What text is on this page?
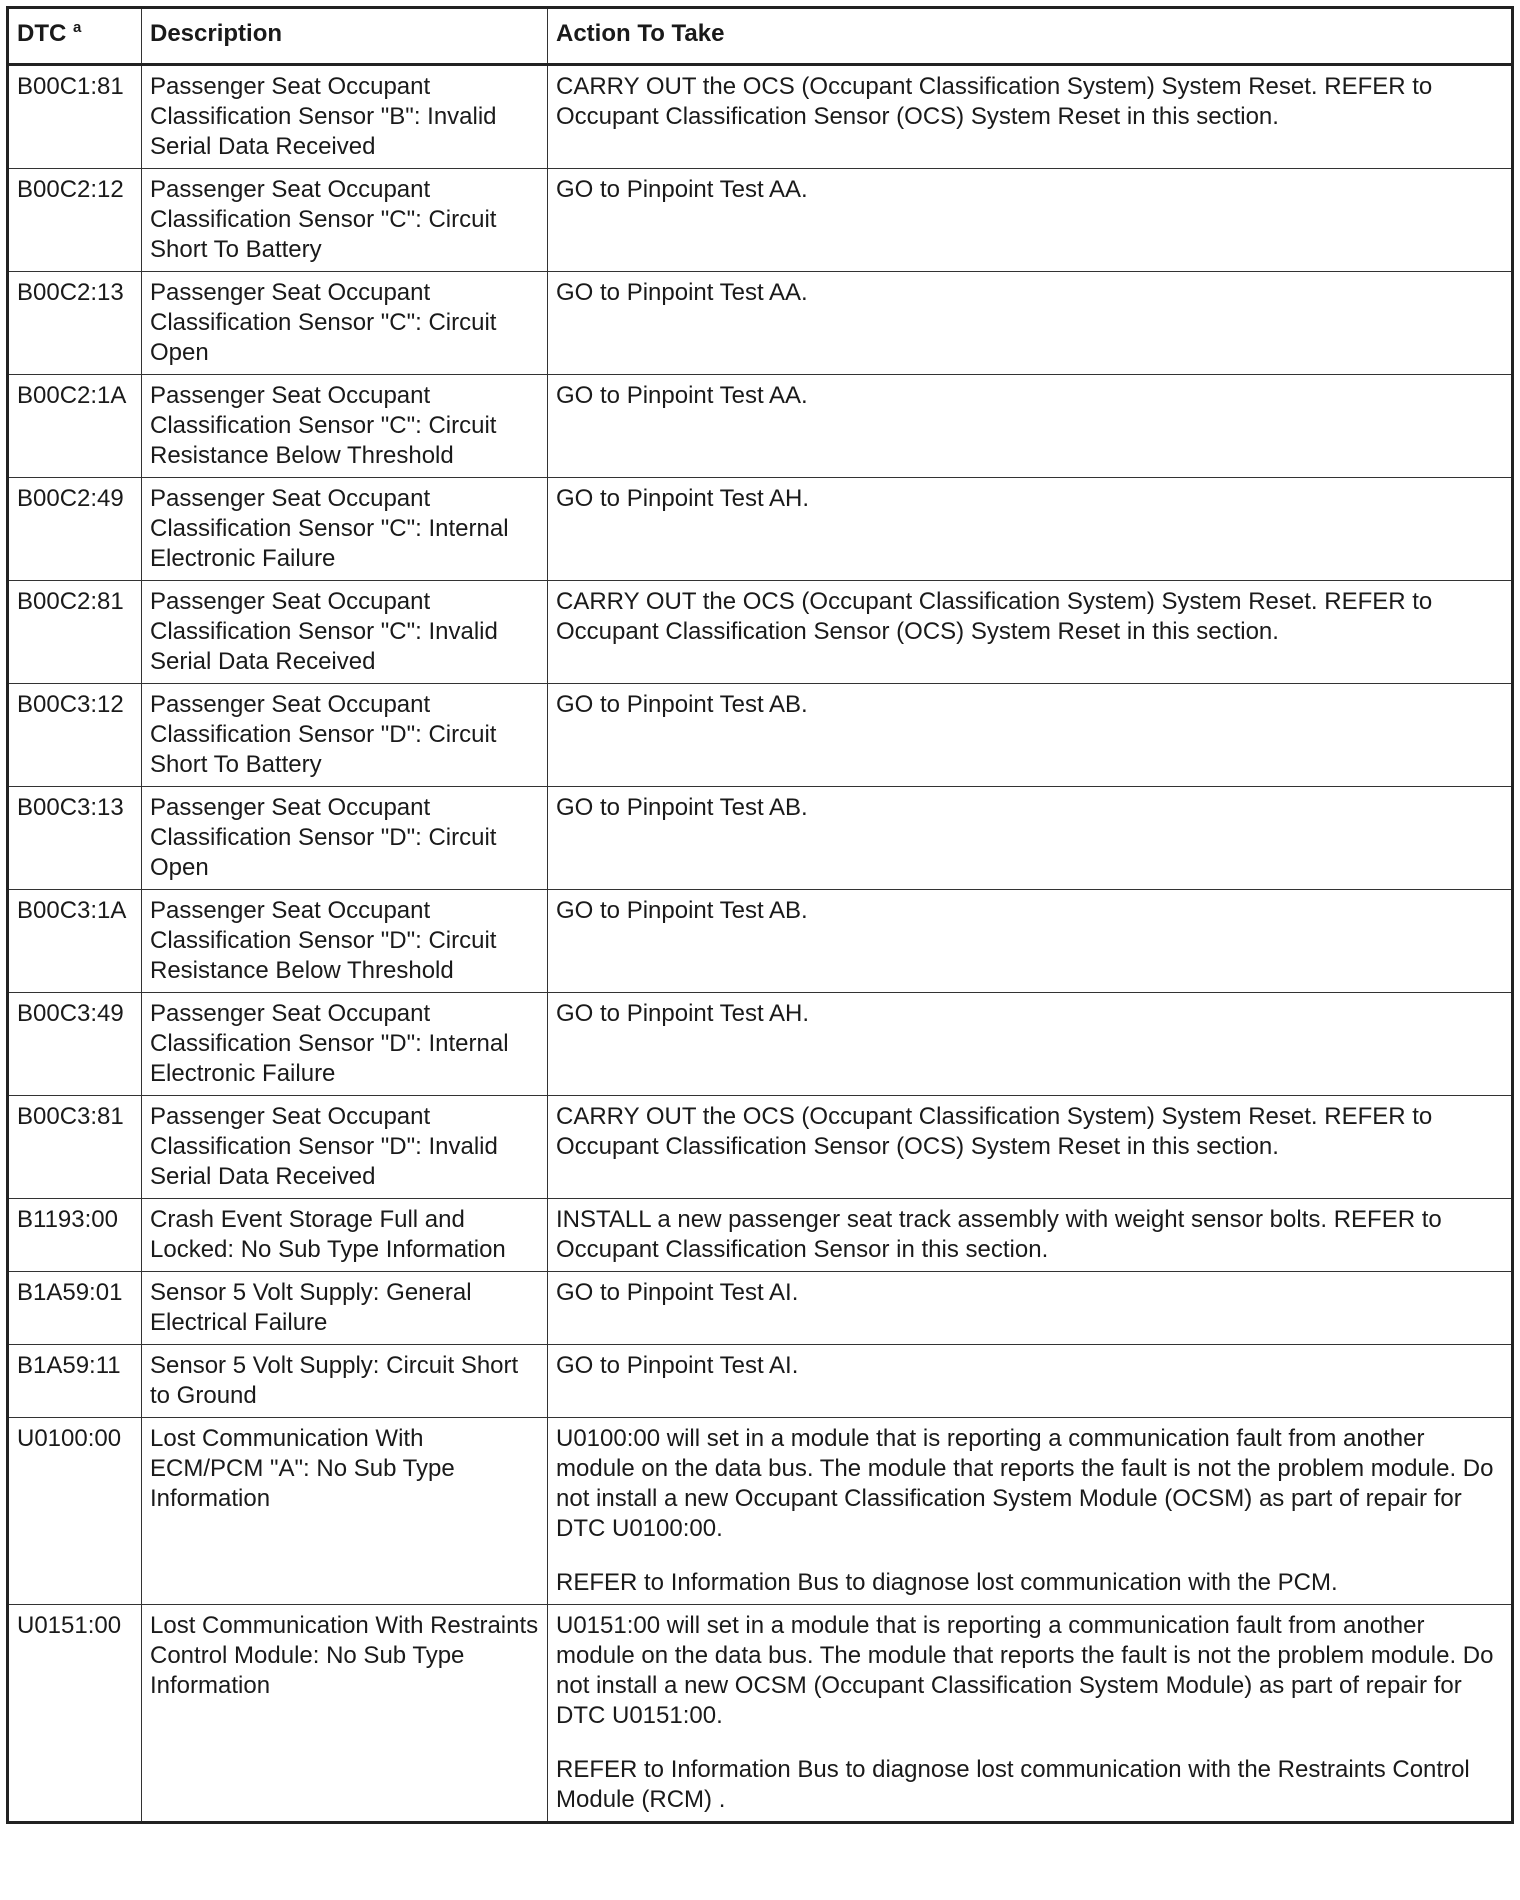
DTC $^a$	Description	Action To Take
B00C1:81	Passenger Seat Occupant Classification Sensor "B": Invalid Serial Data Received	CARRY OUT the OCS (Occupant Classification System) System Reset. REFER to Occupant Classification Sensor (OCS) System Reset in this section.

B00C2:12	Passenger Seat Occupant Classification Sensor "C": Circuit Short To Battery	GO to Pinpoint Test AA.

B00C2:13	Passenger Seat Occupant Classification Sensor "C": Circuit Open	GO to Pinpoint Test AA.

B00C2:1A	Passenger Seat Occupant Classification Sensor "C": Circuit Resistance Below Threshold	GO to Pinpoint Test AA.

B00C2:49	Passenger Seat Occupant Classification Sensor "C": Internal Electronic Failure	GO to Pinpoint Test AH.

B00C2:81	Passenger Seat Occupant Classification Sensor "C": Invalid Serial Data Received	CARRY OUT the OCS (Occupant Classification System) System Reset. REFER to Occupant Classification Sensor (OCS) System Reset in this section.

B00C3:12	Passenger Seat Occupant Classification Sensor "D": Circuit Short To Battery	GO to Pinpoint Test AB.

B00C3:13	Passenger Seat Occupant Classification Sensor "D": Circuit Open	GO to Pinpoint Test AB.

B00C3:1A	Passenger Seat Occupant Classification Sensor "D": Circuit Resistance Below Threshold	GO to Pinpoint Test AB.

B00C3:49	Passenger Seat Occupant Classification Sensor "D": Internal Electronic Failure	GO to Pinpoint Test AH.

B00C3:81	Passenger Seat Occupant Classification Sensor "D": Invalid Serial Data Received	CARRY OUT the OCS (Occupant Classification System) System Reset. REFER to Occupant Classification Sensor (OCS) System Reset in this section.

B1193:00	Crash Event Storage Full and Locked: No Sub Type Information	INSTALL a new passenger seat track assembly with weight sensor bolts. REFER to Occupant Classification Sensor in this section.

B1A59:01	Sensor 5 Volt Supply: General Electrical Failure	GO to Pinpoint Test AI.

B1A59:11	Sensor 5 Volt Supply: Circuit Short to Ground	GO to Pinpoint Test AI.

U0100:00	Lost Communication With ECM/PCM "A": No Sub Type Information	U0100:00 will set in a module that is reporting a communication fault from another module on the data bus. The module that reports the fault is not the problem module. Do not install a new Occupant Classification System Module (OCSM) as part of repair for DTC U0100:00.
REFER to Information Bus to diagnose lost communication with the PCM.

U0151:00	Lost Communication With Restraints Control Module: No Sub Type Information	U0151:00 will set in a module that is reporting a communication fault from another module on the data bus. The module that reports the fault is not the problem module. Do not install a new OCSM (Occupant Classification System Module) as part of repair for DTC U0151:00.
REFER to Information Bus to diagnose lost communication with the Restraints Control Module (RCM) .
